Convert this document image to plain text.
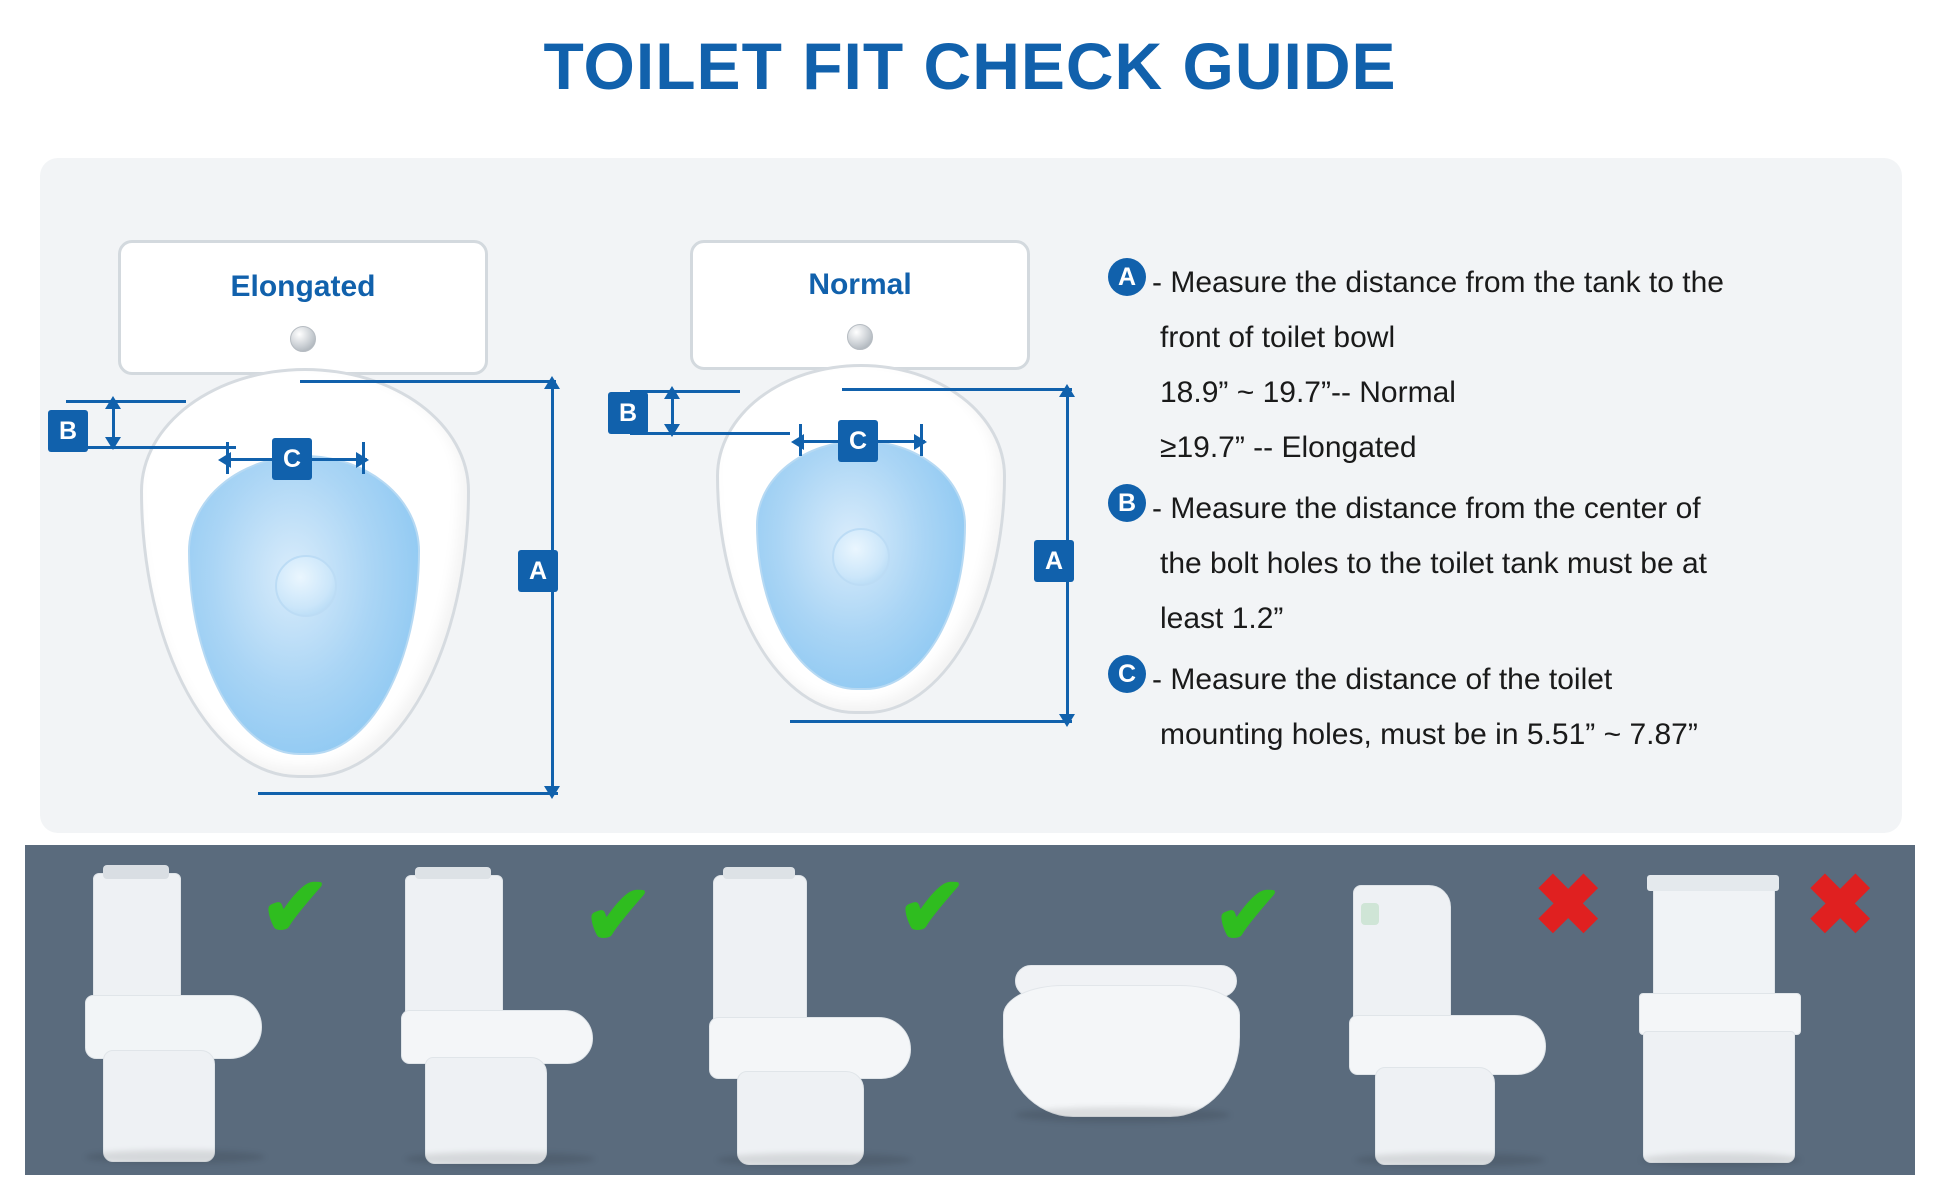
TOILET FIT CHECK GUIDE
Elongated
A
B
C
Normal
A
B
C
A - Measure the distance from the tank to the
front of toilet bowl
18.9” ~ 19.7”-- Normal
≥19.7” -- Elongated
B - Measure the distance from the center of
the bolt holes to the toilet tank must be at
least 1.2”
C - Measure the distance of the toilet
mounting holes, must be in 5.51” ~ 7.87”
✔	✔	✔	✔	✖ ✖
